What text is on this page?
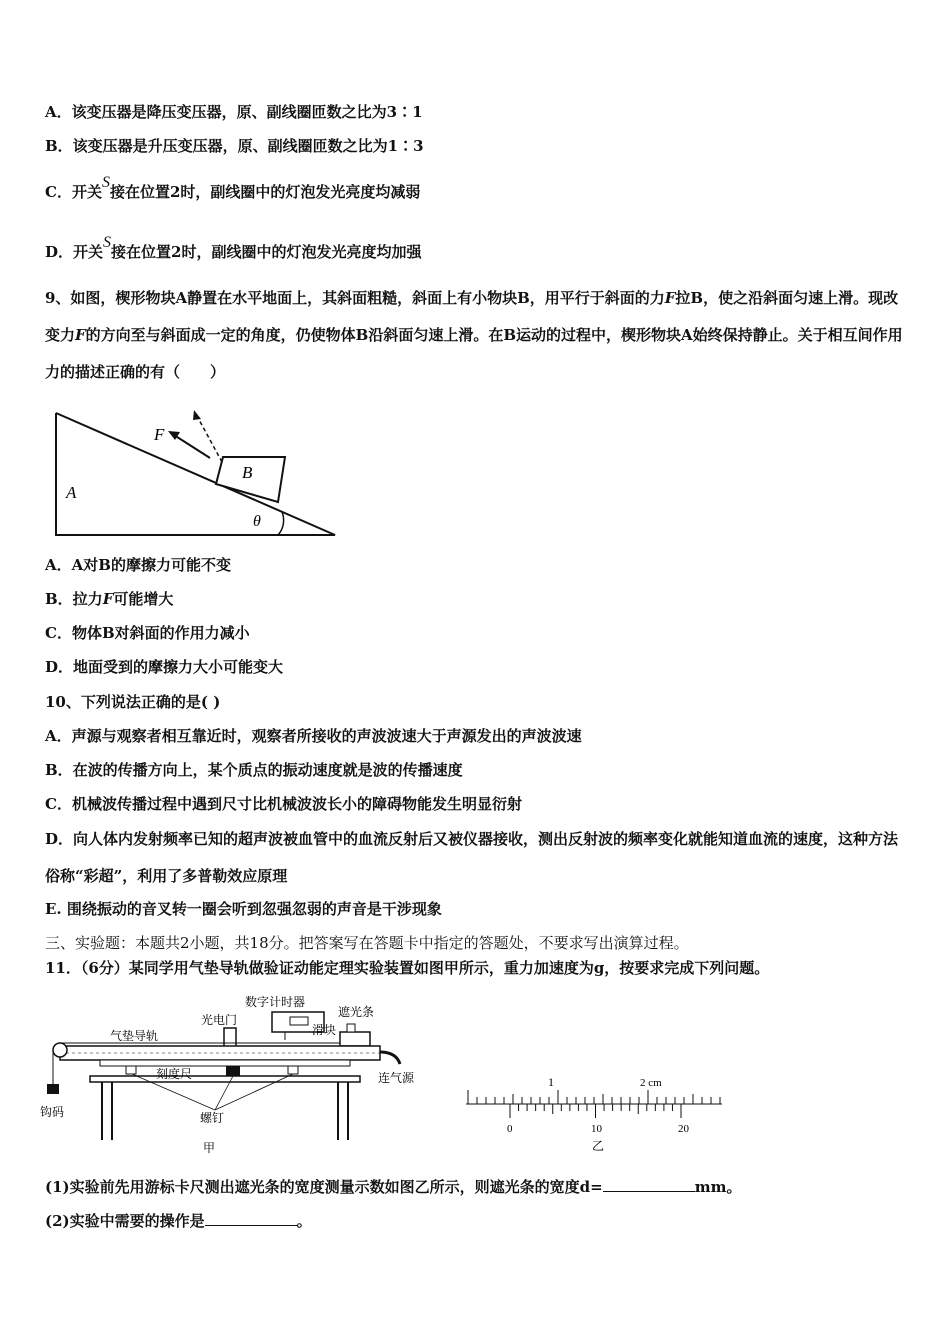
A．该变压器是降压变压器，原、副线圈匝数之比为3∶1
B．该变压器是升压变压器，原、副线圈匝数之比为1∶3
C．开关S接在位置2时，副线圈中的灯泡发光亮度均减弱
D．开关S接在位置2时，副线圈中的灯泡发光亮度均加强
9、如图，楔形物块A静置在水平地面上，其斜面粗糙，斜面上有小物块B，用平行于斜面的力F拉B，使之沿斜面匀速上滑。现改变力F的方向至与斜面成一定的角度，仍使物体B沿斜面匀速上滑。在B运动的过程中，楔形物块A始终保持静止。关于相互间作用力的描述正确的有（　　）
A
B
F
θ
A．A对B的摩擦力可能不变
B．拉力F可能增大
C．物体B对斜面的作用力减小
D．地面受到的摩擦力大小可能变大
10、下列说法正确的是( )
A．声源与观察者相互靠近时，观察者所接收的声波波速大于声源发出的声波波速
B．在波的传播方向上，某个质点的振动速度就是波的传播速度
C．机械波传播过程中遇到尺寸比机械波波长小的障碍物能发生明显衍射
D．向人体内发射频率已知的超声波被血管中的血流反射后又被仪器接收，测出反射波的频率变化就能知道血流的速度，这种方法俗称“彩超”，利用了多普勒效应原理
E. 围绕振动的音叉转一圈会听到忽强忽弱的声音是干涉现象
三、实验题：本题共2小题，共18分。把答案写在答题卡中指定的答题处，不要求写出演算过程。
11．（6分）某同学用气垫导轨做验证动能定理实验装置如图甲所示，重力加速度为g，按要求完成下列问题。
数字计时器
光电门
滑块
遮光条
气垫导轨
刻度尺	连气源
钩码	螺钉
甲
1	2 cm
0	10	20
乙
(1)实验前先用游标卡尺测出遮光条的宽度测量示数如图乙所示，则遮光条的宽度d=	mm。
(2)实验中需要的操作是	。
